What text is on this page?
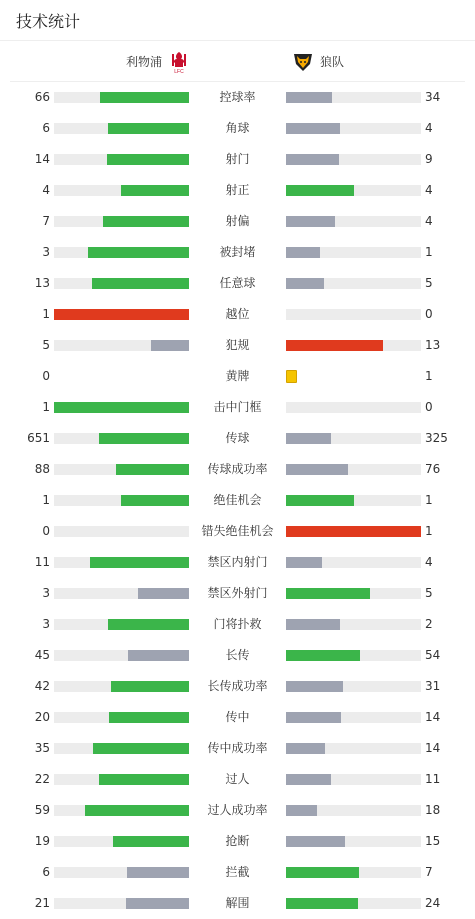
技术统计
利物浦
LFC
狼队
66	控球率	34
6	角球	4
14	射门	9
4	射正	4
7	射偏	4
3	被封堵	1
13	任意球	5
1	越位	0
5	犯规	13
0	黄牌	1
1	击中门框	0
651	传球	325
88	传球成功率	76
1	绝佳机会	1
0	错失绝佳机会	1
11	禁区内射门	4
3	禁区外射门	5
3	门将扑救	2
45	长传	54
42	长传成功率	31
20	传中	14
35	传中成功率	14
22	过人	11
59	过人成功率	18
19	抢断	15
6	拦截	7
21	解围	24
